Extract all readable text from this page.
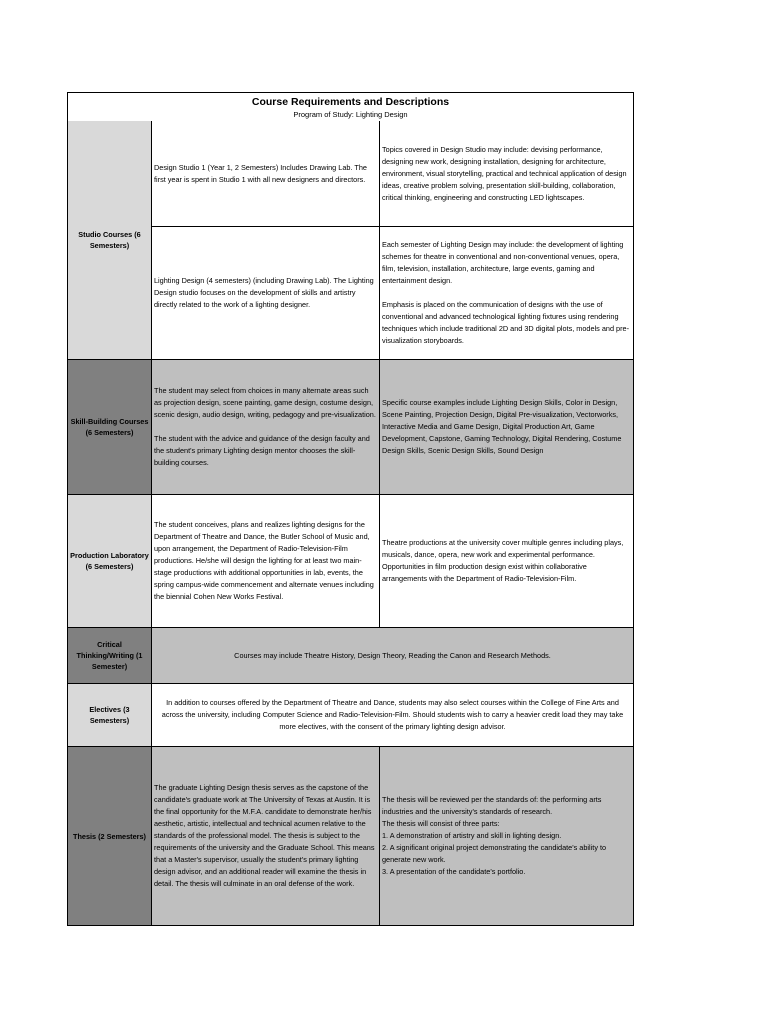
Course Requirements and Descriptions
Program of Study: Lighting Design
Studio Courses (6 Semesters)

Design Studio 1 (Year 1, 2 Semesters) Includes Drawing Lab. The first year is spent in Studio 1 with all new designers and directors.

Topics covered in Design Studio may include: devising performance, designing new work, designing installation, designing for architecture, environment, visual storytelling, practical and technical application of design ideas, creative problem solving, presentation skill-building, collaboration, critical thinking, engineering and constructing LED lightscapes.

Lighting Design (4 semesters) (including Drawing Lab). The Lighting Design studio focuses on the development of skills and artistry directly related to the work of a lighting designer.

Each semester of Lighting Design may include: the development of lighting schemes for theatre in conventional and non-conventional venues, opera, film, television, installation, architecture, large events, gaming and entertainment design.

Emphasis is placed on the communication of designs with the use of conventional and advanced technological lighting fixtures using rendering techniques which include traditional 2D and 3D digital plots, models and pre-visualization storyboards.

Skill-Building Courses (6 Semesters)

The student may select from choices in many alternate areas such as projection design, scene painting, game design, costume design, scenic design, audio design, writing, pedagogy and pre-visualization.

The student with the advice and guidance of the design faculty and the student's primary Lighting design mentor chooses the skill-building courses.

Specific course examples include Lighting Design Skills, Color in Design, Scene Painting, Projection Design, Digital Pre-visualization, Vectorworks, Interactive Media and Game Design, Digital Production Art, Game Development, Capstone, Gaming Technology, Digital Rendering, Costume Design Skills, Scenic Design Skills, Sound Design

Production Laboratory (6 Semesters)

The student conceives, plans and realizes lighting designs for the Department of Theatre and Dance, the Butler School of Music and, upon arrangement, the Department of Radio-Television-Film productions. He/she will design the lighting for at least two main-stage productions with additional opportunities in lab, events, the spring campus-wide commencement and alternate venues including the biennial Cohen New Works Festival.

Theatre productions at the university cover multiple genres including plays, musicals, dance, opera, new work and experimental performance.

Opportunities in film production design exist within collaborative arrangements with the Department of Radio-Television-Film.

Critical Thinking/Writing (1 Semester)

Courses may include Theatre History, Design Theory, Reading the Canon and Research Methods.

Electives (3 Semesters)

In addition to courses offered by the Department of Theatre and Dance, students may also select courses within the College of Fine Arts and across the university, including Computer Science and Radio-Television-Film. Should students wish to carry a heavier credit load they may take more electives, with the consent of the primary lighting design advisor.

Thesis (2 Semesters)

The graduate Lighting Design thesis serves as the capstone of the candidate's graduate work at The University of Texas at Austin. It is the final opportunity for the M.F.A. candidate to demonstrate her/his aesthetic, artistic, intellectual and technical acumen relative to the standards of the professional model. The thesis is subject to the requirements of the university and the Graduate School. This means that a Master's supervisor, usually the student's primary lighting design advisor, and an additional reader will examine the thesis in detail. The thesis will culminate in an oral defense of the work.

The thesis will be reviewed per the standards of: the performing arts industries and the university's standards of research.

The thesis will consist of three parts:

1. A demonstration of artistry and skill in lighting design.

2. A significant original project demonstrating the candidate's ability to generate new work.

3. A presentation of the candidate's portfolio.
